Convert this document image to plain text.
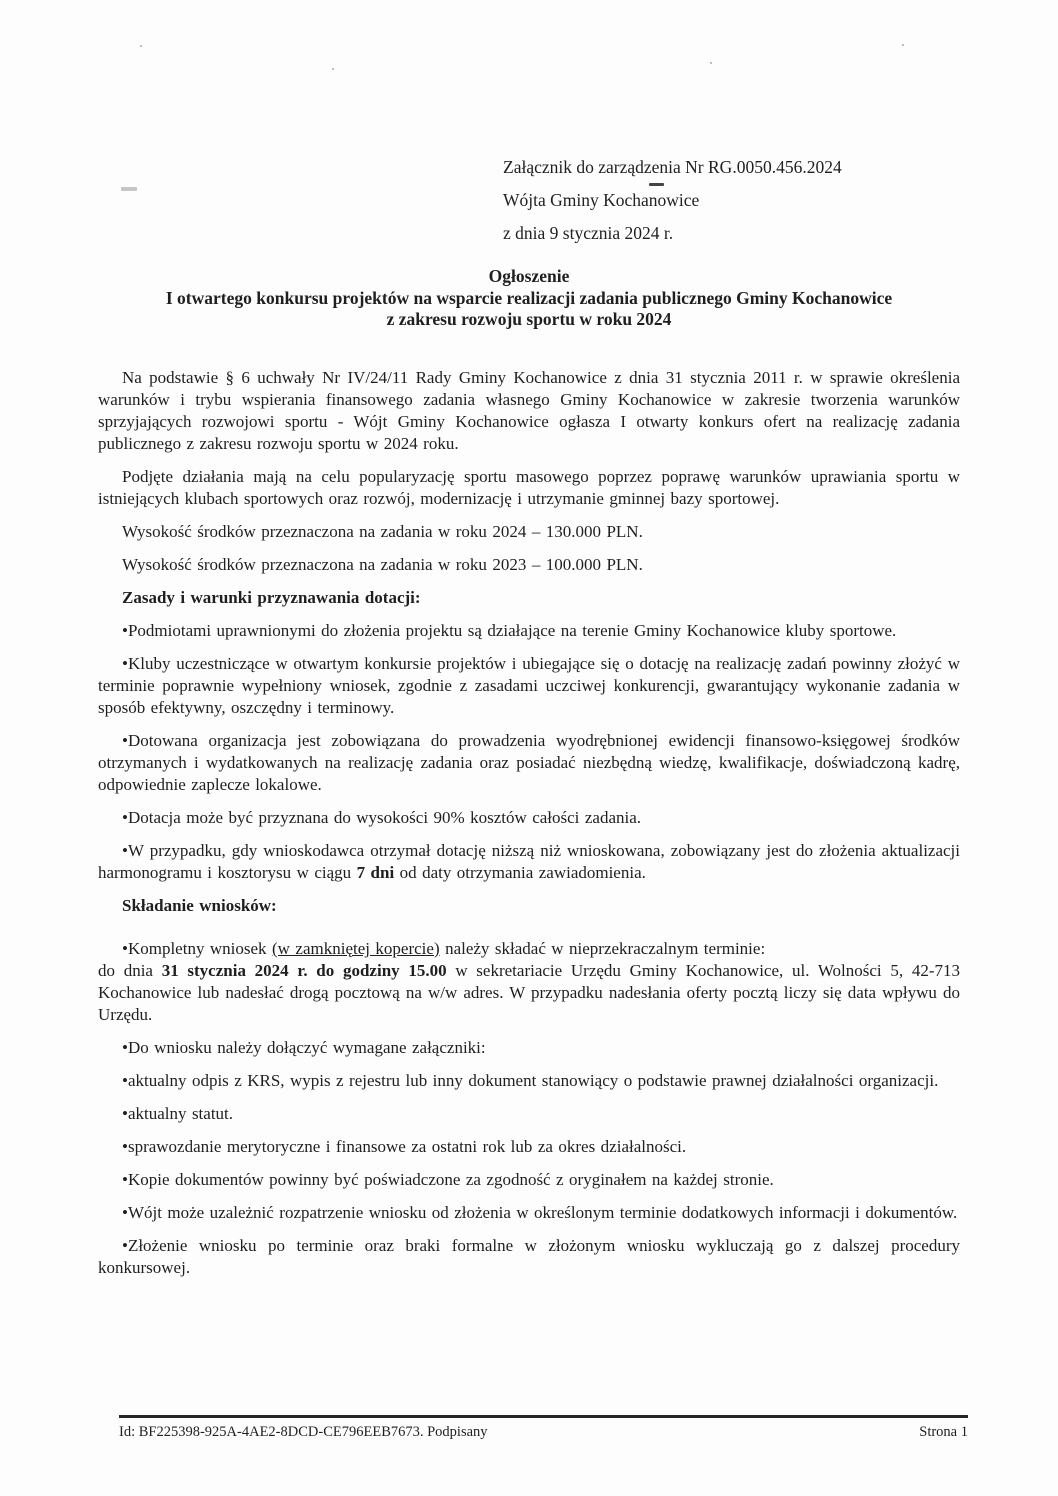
Załącznik do zarządzenia Nr RG.0050.456.2024
Wójta Gminy Kochanowice
z dnia 9 stycznia 2024 r.
Ogłoszenie
I otwartego konkursu projektów na wsparcie realizacji zadania publicznego Gminy Kochanowice
z zakresu rozwoju sportu w roku 2024

Na podstawie § 6 uchwały Nr IV/24/11 Rady Gminy Kochanowice z dnia 31 stycznia 2011 r. w sprawie określenia warunków i trybu wspierania finansowego zadania własnego Gminy Kochanowice w zakresie tworzenia warunków sprzyjających rozwojowi sportu - Wójt Gminy Kochanowice ogłasza I otwarty konkurs ofert na realizację zadania publicznego z zakresu rozwoju sportu w 2024 roku.

Podjęte działania mają na celu popularyzację sportu masowego poprzez poprawę warunków uprawiania sportu w istniejących klubach sportowych oraz rozwój, modernizację i utrzymanie gminnej bazy sportowej.

Wysokość środków przeznaczona na zadania w roku 2024 – 130.000 PLN.

Wysokość środków przeznaczona na zadania w roku 2023 – 100.000 PLN.

Zasady i warunki przyznawania dotacji:

•Podmiotami uprawnionymi do złożenia projektu są działające na terenie Gminy Kochanowice kluby sportowe.

•Kluby uczestniczące w otwartym konkursie projektów i ubiegające się o dotację na realizację zadań powinny złożyć w terminie poprawnie wypełniony wniosek, zgodnie z zasadami uczciwej konkurencji, gwarantujący wykonanie zadania w sposób efektywny, oszczędny i terminowy.

•Dotowana organizacja jest zobowiązana do prowadzenia wyodrębnionej ewidencji finansowo-księgowej środków otrzymanych i wydatkowanych na realizację zadania oraz posiadać niezbędną wiedzę, kwalifikacje, doświadczoną kadrę, odpowiednie zaplecze lokalowe.

•Dotacja może być przyznana do wysokości 90% kosztów całości zadania.

•W przypadku, gdy wnioskodawca otrzymał dotację niższą niż wnioskowana, zobowiązany jest do złożenia aktualizacji harmonogramu i kosztorysu w ciągu 7 dni od daty otrzymania zawiadomienia.

Składanie wniosków:

•Kompletny wniosek (w zamkniętej kopercie) należy składać w nieprzekraczalnym terminie:
do dnia 31 stycznia 2024 r. do godziny 15.00 w sekretariacie Urzędu Gminy Kochanowice, ul. Wolności 5, 42-713 Kochanowice lub nadesłać drogą pocztową na w/w adres. W przypadku nadesłania oferty pocztą liczy się data wpływu do Urzędu.

•Do wniosku należy dołączyć wymagane załączniki:

•aktualny odpis z KRS, wypis z rejestru lub inny dokument stanowiący o podstawie prawnej działalności organizacji.

•aktualny statut.

•sprawozdanie merytoryczne i finansowe za ostatni rok lub za okres działalności.

•Kopie dokumentów powinny być poświadczone za zgodność z oryginałem na każdej stronie.

•Wójt może uzależnić rozpatrzenie wniosku od złożenia w określonym terminie dodatkowych informacji i dokumentów.

•Złożenie wniosku po terminie oraz braki formalne w złożonym wniosku wykluczają go z dalszej procedury konkursowej.

Id: BF225398-925A-4AE2-8DCD-CE796EEB7673. Podpisany	Strona 1
